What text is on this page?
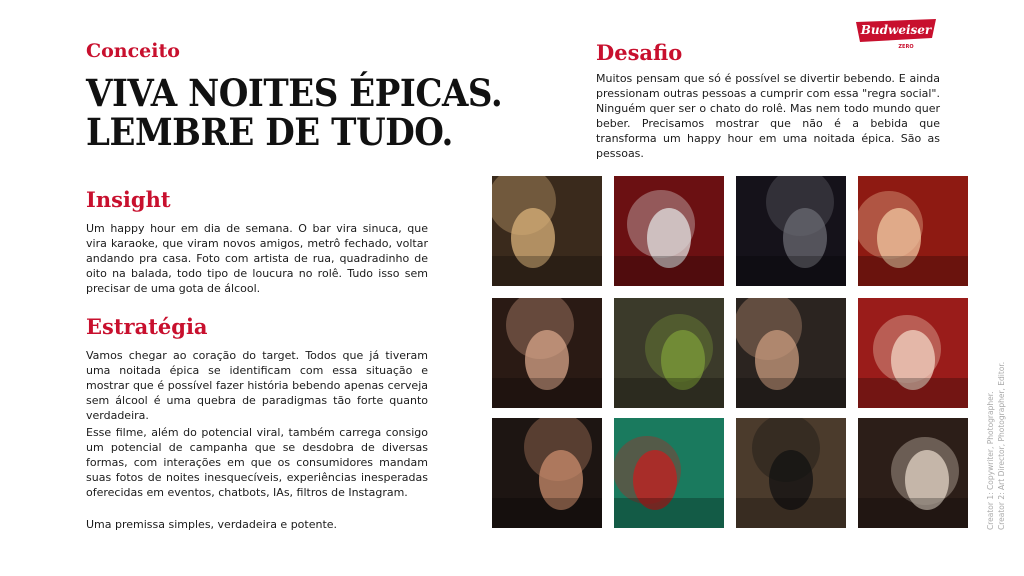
Budweiser
ZERO
Conceito
VIVA NOITES ÉPICAS.
LEMBRE DE TUDO.
Insight
Um happy hour em dia de semana. O bar vira sinuca, que vira karaoke, que viram novos amigos, metrô fechado, voltar andando pra casa. Foto com artista de rua, quadradinho de oito na balada, todo tipo de loucura no rolê. Tudo isso sem precisar de uma gota de álcool.
Estratégia
Vamos chegar ao coração do target. Todos que já tiveram uma noitada épica se identificam com essa situação e mostrar que é possível fazer história bebendo apenas cerveja sem álcool é uma quebra de paradigmas tão forte quanto verdadeira.
Esse filme, além do potencial viral, também carrega consigo um potencial de campanha que se desdobra de diversas formas, com interações em que os consumidores mandam suas fotos de noites inesquecíveis, experiências inesperadas oferecidas em eventos, chatbots, IAs, filtros de Instagram.
Uma premissa simples, verdadeira e potente.
Desafio
Muitos pensam que só é possível se divertir bebendo. E ainda pressionam outras pessoas a cumprir com essa "regra social". Ninguém quer ser o chato do rolê. Mas nem todo mundo quer beber. Precisamos mostrar que não é a bebida que transforma um happy hour em uma noitada épica. São as pessoas.
Creator 1: Copywriter, Photographer. Creator 2: Art Director, Photographer, Editor.
